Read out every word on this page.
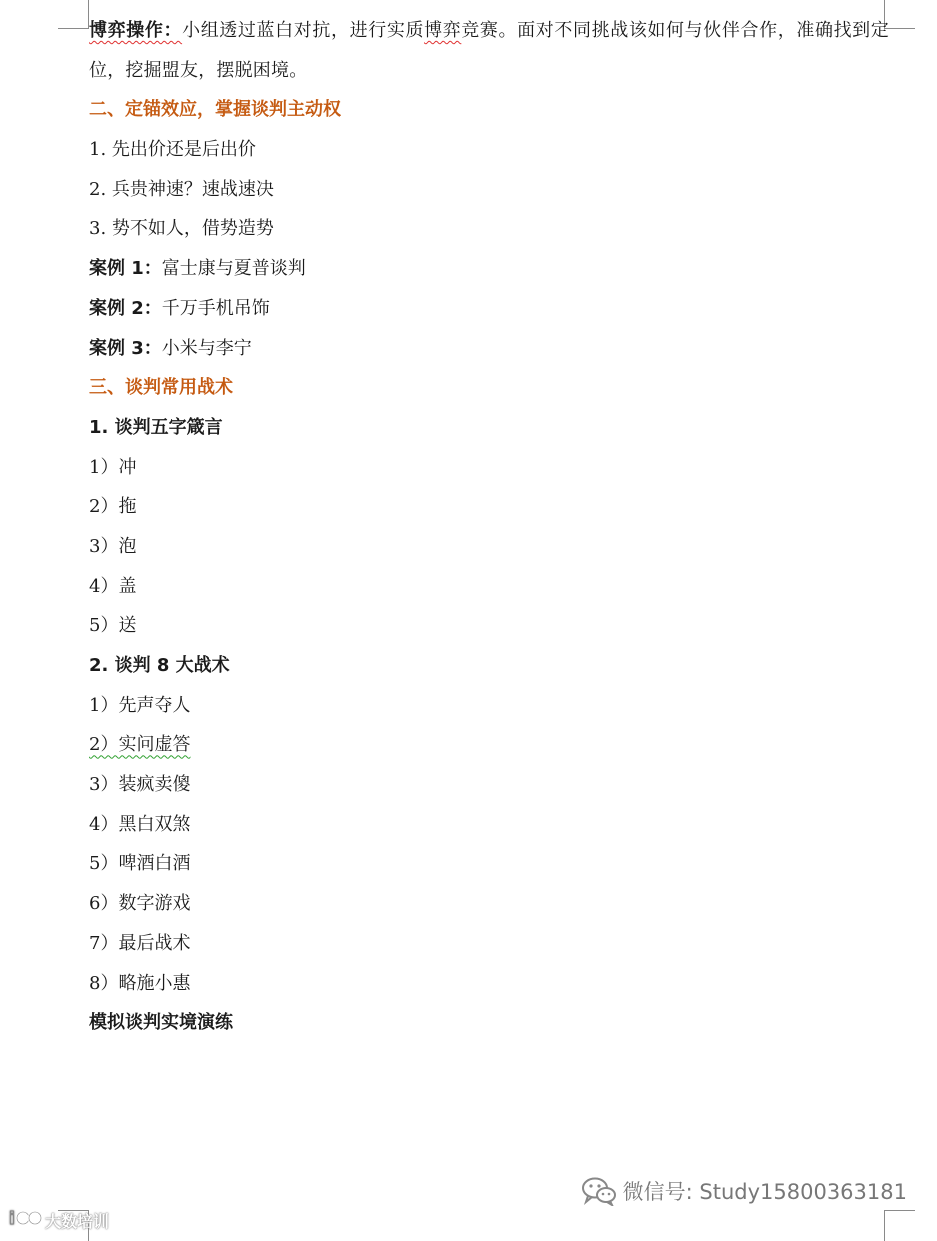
博弈操作：小组透过蓝白对抗，进行实质博弈竞赛。面对不同挑战该如何与伙伴合作，准确找到定位，挖掘盟友，摆脱困境。
二、定锚效应，掌握谈判主动权
1. 先出价还是后出价
2. 兵贵神速？速战速决
3. 势不如人，借势造势
案例 1：富士康与夏普谈判
案例 2：千万手机吊饰
案例 3：小米与李宁
三、谈判常用战术
1. 谈判五字箴言
1）冲
2）拖
3）泡
4）盖
5）送
2. 谈判 8 大战术
1）先声夺人
2）实问虚答
3）装疯卖傻
4）黑白双煞
5）啤酒白酒
6）数字游戏
7）最后战术
8）略施小惠
模拟谈判实境演练
微信号: Study15800363181
i 大数培训
